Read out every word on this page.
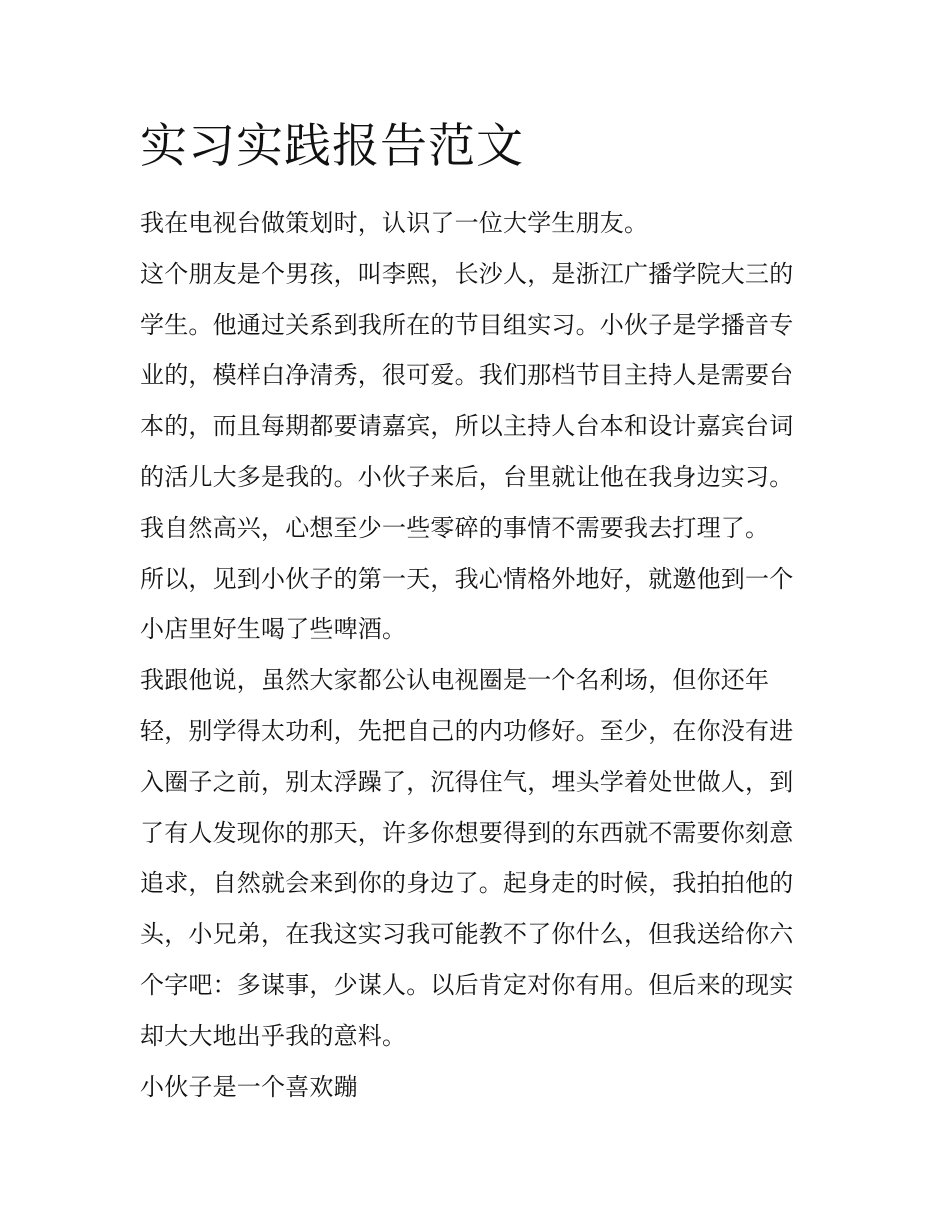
实习实践报告范文
我在电视台做策划时，认识了一位大学生朋友。
这个朋友是个男孩，叫李熙，长沙人，是浙江广播学院大三的
学生。他通过关系到我所在的节目组实习。小伙子是学播音专
业的，模样白净清秀，很可爱。我们那档节目主持人是需要台
本的，而且每期都要请嘉宾，所以主持人台本和设计嘉宾台词
的活儿大多是我的。小伙子来后，台里就让他在我身边实习。
我自然高兴，心想至少一些零碎的事情不需要我去打理了。
所以，见到小伙子的第一天，我心情格外地好，就邀他到一个
小店里好生喝了些啤酒。
我跟他说，虽然大家都公认电视圈是一个名利场，但你还年
轻，别学得太功利，先把自己的内功修好。至少，在你没有进
入圈子之前，别太浮躁了，沉得住气，埋头学着处世做人，到
了有人发现你的那天，许多你想要得到的东西就不需要你刻意
追求，自然就会来到你的身边了。起身走的时候，我拍拍他的
头，小兄弟，在我这实习我可能教不了你什么，但我送给你六
个字吧：多谋事，少谋人。以后肯定对你有用。但后来的现实
却大大地出乎我的意料。
小伙子是一个喜欢蹦
